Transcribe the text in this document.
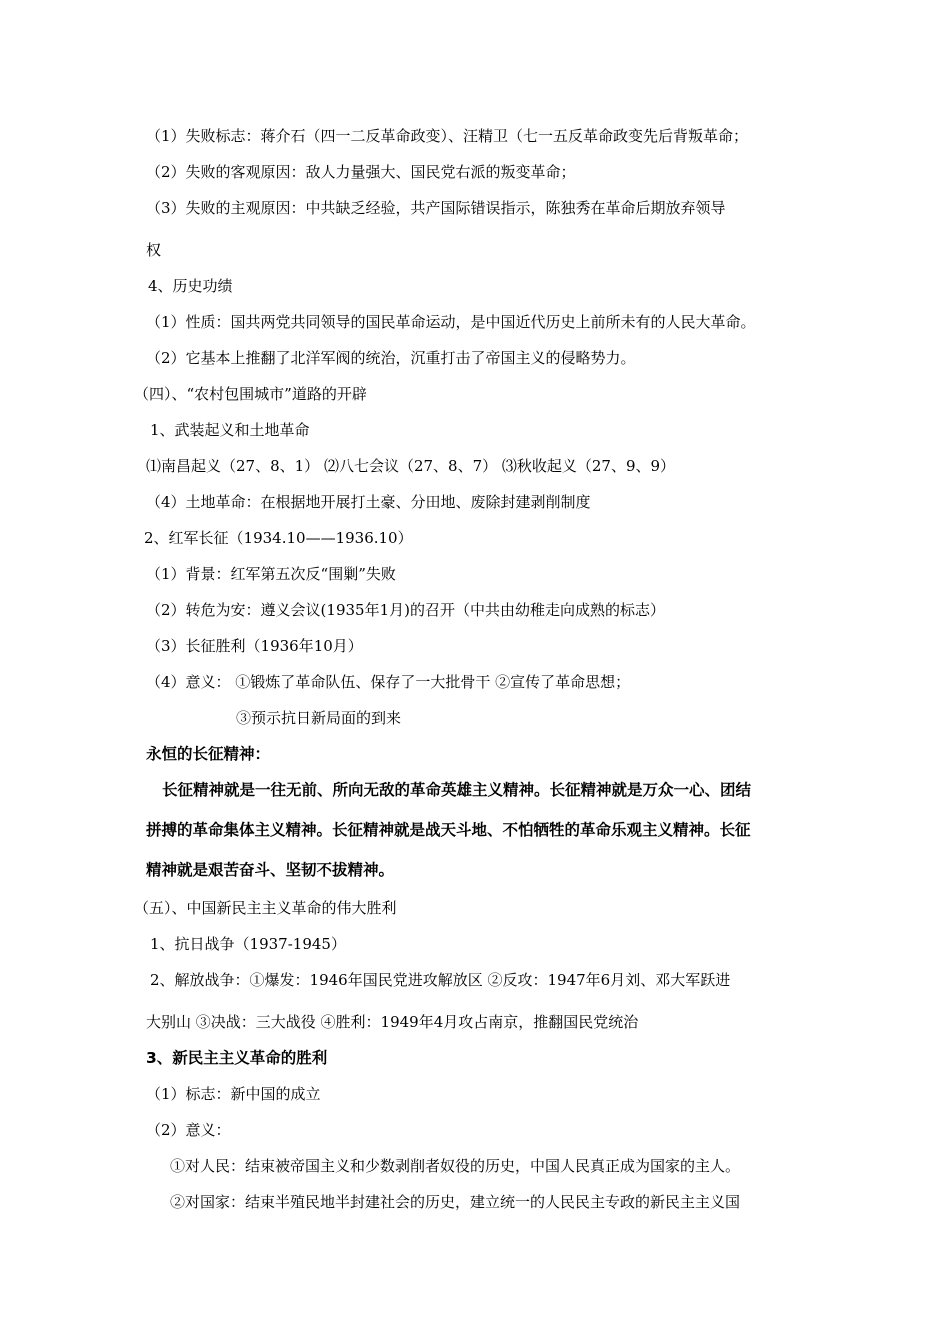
（1）失败标志：蒋介石（四一二反革命政变）、汪精卫（七一五反革命政变先后背叛革命；
（2）失败的客观原因：敌人力量强大、国民党右派的叛变革命；
（3）失败的主观原因：中共缺乏经验，共产国际错误指示，陈独秀在革命后期放弃领导
权
4、历史功绩
（1）性质：国共两党共同领导的国民革命运动，是中国近代历史上前所未有的人民大革命。
（2）它基本上推翻了北洋军阀的统治，沉重打击了帝国主义的侵略势力。
（四）、“农村包围城市”道路的开辟
1、武装起义和土地革命
⑴南昌起义（27、8、1） ⑵八七会议（27、8、7） ⑶秋收起义（27、9、9）
（4）土地革命：在根据地开展打土豪、分田地、废除封建剥削制度
2、红军长征（1934.10——1936.10）
（1）背景：红军第五次反“围剿”失败
（2）转危为安：遵义会议(1935年1月)的召开（中共由幼稚走向成熟的标志）
（3）长征胜利（1936年10月）
（4）意义： ①锻炼了革命队伍、保存了一大批骨干 ②宣传了革命思想；
③预示抗日新局面的到来
永恒的长征精神：
长征精神就是一往无前、所向无敌的革命英雄主义精神。长征精神就是万众一心、团结
拼搏的革命集体主义精神。长征精神就是战天斗地、不怕牺牲的革命乐观主义精神。长征
精神就是艰苦奋斗、坚韧不拔精神。
（五）、中国新民主主义革命的伟大胜利
1、抗日战争（1937-1945）
2、解放战争：①爆发：1946年国民党进攻解放区 ②反攻：1947年6月刘、邓大军跃进
大别山 ③决战：三大战役 ④胜利：1949年4月攻占南京，推翻国民党统治
3、新民主主义革命的胜利
（1）标志：新中国的成立
（2）意义：
①对人民：结束被帝国主义和少数剥削者奴役的历史，中国人民真正成为国家的主人。
②对国家：结束半殖民地半封建社会的历史，建立统一的人民民主专政的新民主主义国
